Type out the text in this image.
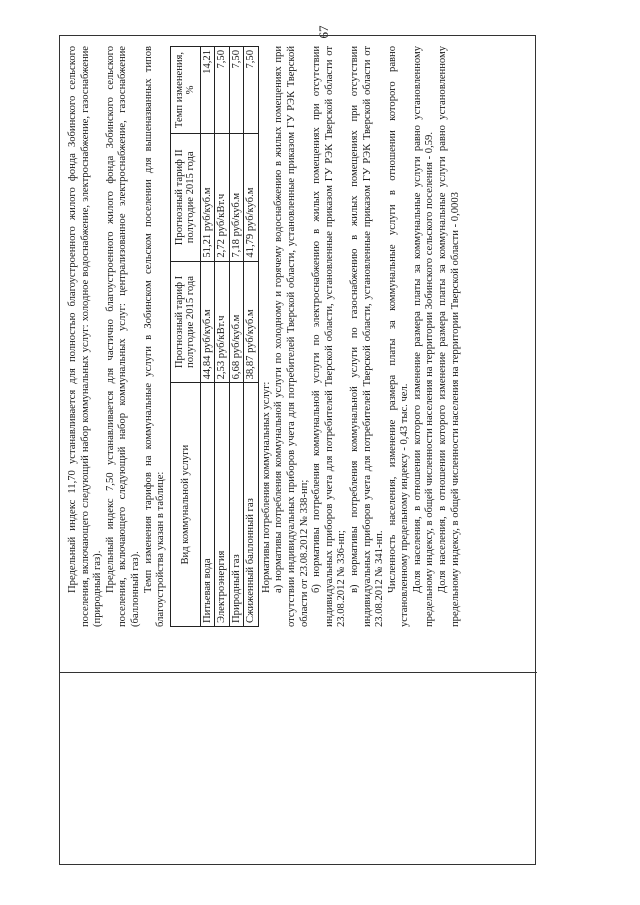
67

Предельный индекс 11,70 устанавливается для полностью благоустроенного жилого фонда Зобинского сельского поселения, включающего следующий набор коммунальных услуг: холодное водоснабжение, электроснабжение, газоснабжение (природный газ). Предельный индекс 7,50 устанавливается для частично благоустроенного жилого фонда Зобинского сельского поселения, включающего следующий набор коммунальных услуг: централизованное электроснабжение, газоснабжение (баллонный газ). Темп изменения тарифов на коммунальные услуги в Зобинском сельском поселении для вышеназванных типов благоустройства указан в таблице: Вид коммунальной услуги	Прогнозный тариф I полугодие 2015 года	Прогнозный тариф II полугодие 2015 года	Темп изменения, %
Питьевая вода	44,84 руб/куб.м	51,21 руб/куб.м	14,21
Электроэнергия	2,53 руб/кВт.ч	2,72 руб/кВт.ч	7,50
Природный газ	6,68 руб/куб.м	7,18 руб/куб.м	7,50
Сжиженный баллонный газ	38,87 руб/куб.м	41,79 руб/куб.м	7,50

Нормативы потребления коммунальных услуг: а) нормативы потребления коммунальной услуги по холодному и горячему водоснабжению в жилых помещениях при отсутствии индивидуальных приборов учета для потребителей Тверской области, установленные приказом ГУ РЭК Тверской области от 23.08.2012 № 338-нп; б) нормативы потребления коммунальной услуги по электроснабжению в жилых помещениях при отсутствии индивидуальных приборов учета для потребителей Тверской области, установленные приказом ГУ РЭК Тверской области от 23.08.2012 № 336-нп; в) нормативы потребления коммунальной услуги по газоснабжению в жилых помещениях при отсутствии индивидуальных приборов учета для потребителей Тверской области, установленные приказом ГУ РЭК Тверской области от 23.08.2012 № 341-нп. Численность населения, изменение размера платы за коммунальные услуги в отношении которого равно установленному предельному индексу - 0,43 тыс. чел. Доля населения, в отношении которого изменение размера платы за коммунальные услуги равно установленному предельному индексу, в общей численности населения на территории Зобинского сельского поселения - 0,59. Доля населения, в отношении которого изменение размера платы за коммунальные услуги равно установленному предельному индексу, в общей численности населения на территории Тверской области - 0,0003
